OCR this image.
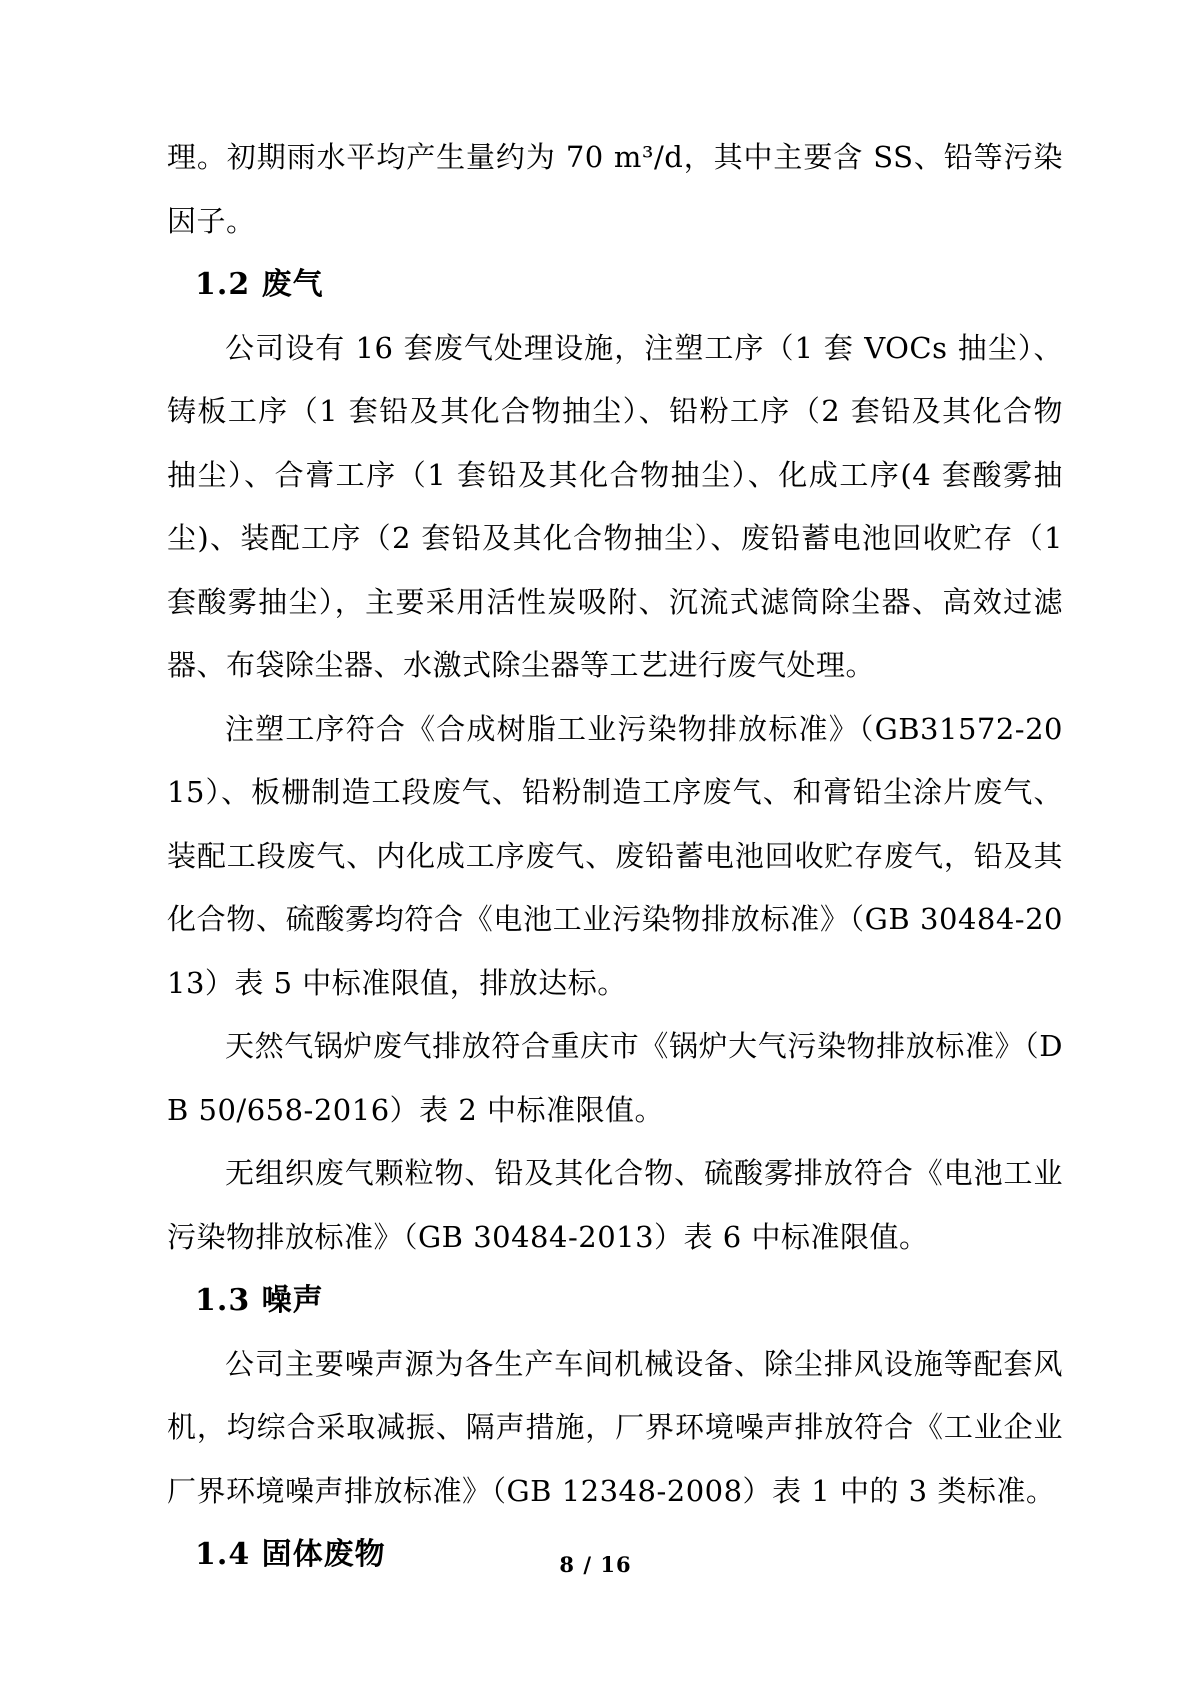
理。初期雨水平均产生量约为 70 m³/d，其中主要含 SS、铅等污染因子。

1.2 废气

公司设有 16 套废气处理设施，注塑工序（1 套 VOCs 抽尘）、铸板工序（1 套铅及其化合物抽尘）、铅粉工序（2 套铅及其化合物抽尘）、合膏工序（1 套铅及其化合物抽尘）、化成工序(4 套酸雾抽尘)、装配工序（2 套铅及其化合物抽尘）、废铅蓄电池回收贮存（1 套酸雾抽尘），主要采用活性炭吸附、沉流式滤筒除尘器、高效过滤器、布袋除尘器、水激式除尘器等工艺进行废气处理。

注塑工序符合《合成树脂工业污染物排放标准》（GB31572-2015）、板栅制造工段废气、铅粉制造工序废气、和膏铅尘涂片废气、装配工段废气、内化成工序废气、废铅蓄电池回收贮存废气，铅及其化合物、硫酸雾均符合《电池工业污染物排放标准》（GB 30484-2013）表 5 中标准限值，排放达标。

天然气锅炉废气排放符合重庆市《锅炉大气污染物排放标准》（DB 50/658-2016）表 2 中标准限值。

无组织废气颗粒物、铅及其化合物、硫酸雾排放符合《电池工业污染物排放标准》（GB 30484-2013）表 6 中标准限值。

1.3 噪声

公司主要噪声源为各生产车间机械设备、除尘排风设施等配套风机，均综合采取减振、隔声措施，厂界环境噪声排放符合《工业企业厂界环境噪声排放标准》（GB 12348-2008）表 1 中的 3 类标准。

1.4 固体废物	8 / 16
